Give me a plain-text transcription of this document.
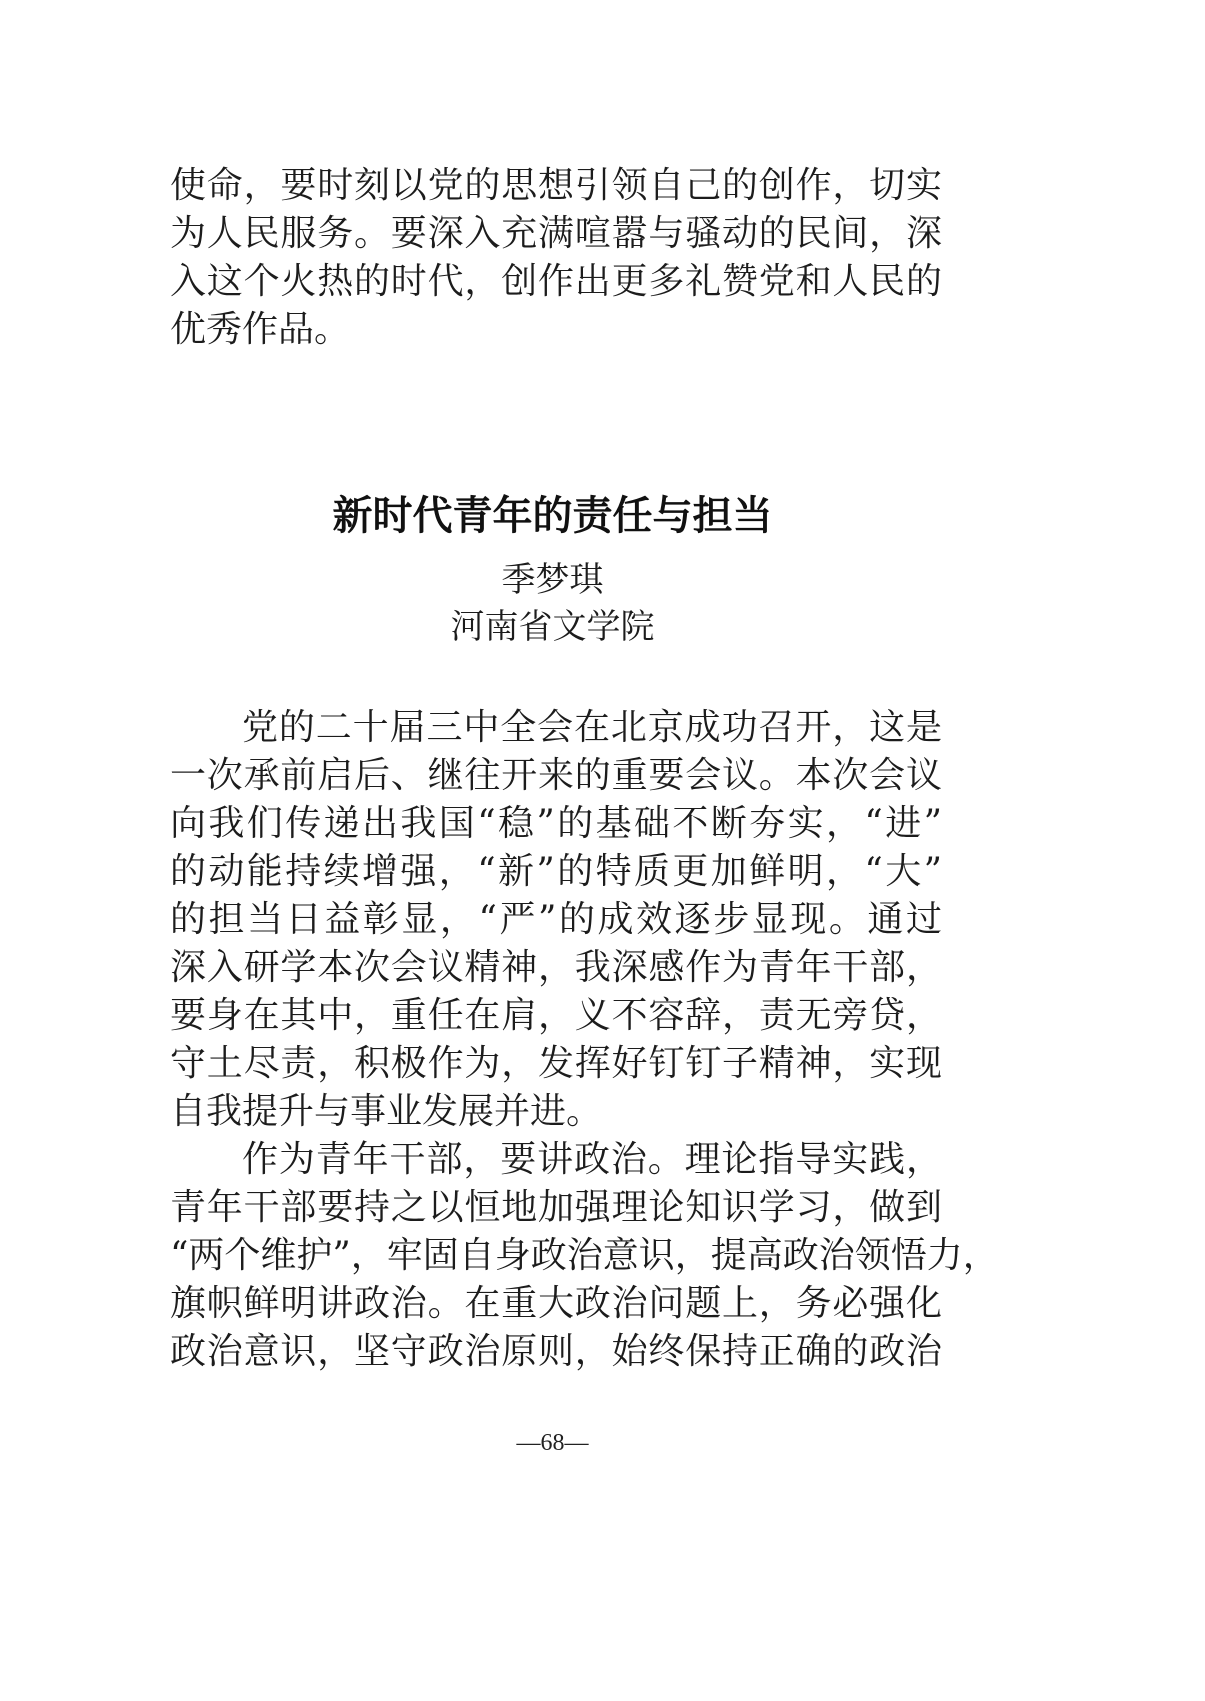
使命，要时刻以党的思想引领自己的创作，切实
为人民服务。要深入充满喧嚣与骚动的民间，深
入这个火热的时代，创作出更多礼赞党和人民的
优秀作品。
新时代青年的责任与担当
季梦琪
河南省文学院
党的二十届三中全会在北京成功召开，这是
一次承前启后、继往开来的重要会议。本次会议
向我们传递出我国“稳”的基础不断夯实，“进”
的动能持续增强，“新”的特质更加鲜明，“大”
的担当日益彰显，“严”的成效逐步显现。通过
深入研学本次会议精神，我深感作为青年干部，
要身在其中，重任在肩，义不容辞，责无旁贷，
守土尽责，积极作为，发挥好钉钉子精神，实现
自我提升与事业发展并进。
作为青年干部，要讲政治。理论指导实践，
青年干部要持之以恒地加强理论知识学习，做到
“两个维护”，牢固自身政治意识，提高政治领悟力，
旗帜鲜明讲政治。在重大政治问题上，务必强化
政治意识，坚守政治原则，始终保持正确的政治
—68—
